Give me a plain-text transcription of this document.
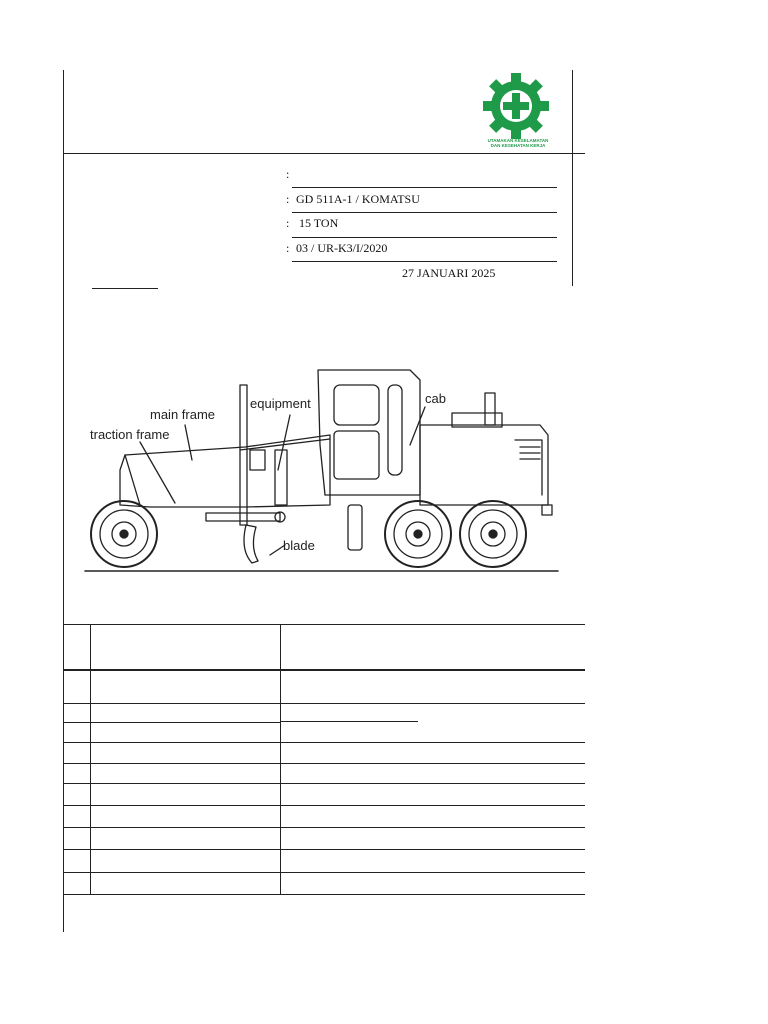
UTAMAKAN KESELAMATAN
DAN KESEHATAN KERJA
:
: GD 511A-1 / KOMATSU
: 15 TON
: 03 / UR-K3/I/2020
27 JANUARI 2025
main frame
traction frame
equipment	cab
blade
